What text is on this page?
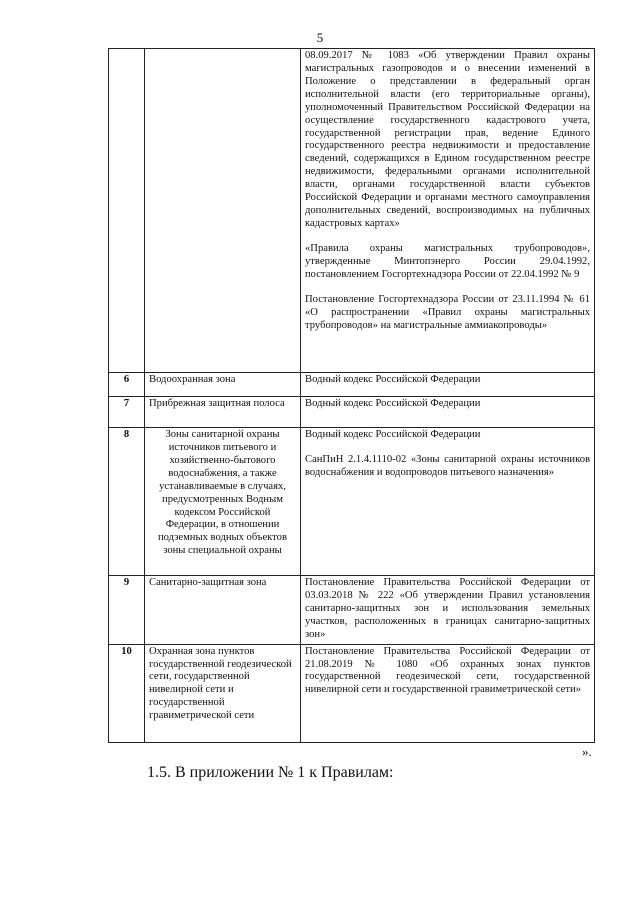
5

		08.09.2017 № 1083 «Об утверждении Правил охраны магистральных газопроводов и о внесении изменений в Положение о представлении в федеральный орган исполнительной власти (его территориальные органы), уполномоченный Правительством Российской Федерации на осуществление государственного кадастрового учета, государственной регистрации прав, ведение Единого государственного реестра недвижимости и предоставление сведений, содержащихся в Едином государственном реестре недвижимости, федеральными органами исполнительной власти, органами государственной власти субъектов Российской Федерации и органами местного самоуправления дополнительных сведений, воспроизводимых на публичных кадастровых картах»

«Правила охраны магистральных трубопроводов», утвержденные Минтопэнерго России 29.04.1992, постановлением Госгортехнадзора России от 22.04.1992 № 9

Постановление Госгортехнадзора России от 23.11.1994 № 61 «О распространении «Правил охраны магистральных трубопроводов» на магистральные аммиакопроводы»

6	Водоохранная зона	Водный кодекс Российской Федерации

7	Прибрежная защитная полоса	Водный кодекс Российской Федерации

8	Зоны санитарной охраны источников питьевого и хозяйственно-бытового водоснабжения, а также устанавливаемые в случаях, предусмотренных Водным кодексом Российской Федерации, в отношении подземных водных объектов зоны специальной охраны	Водный кодекс Российской Федерации

СанПиН 2.1.4.1110-02 «Зоны санитарной охраны источников водоснабжения и водопроводов питьевого назначения»

9	Санитарно-защитная зона	Постановление Правительства Российской Федерации от 03.03.2018 № 222 «Об утверждении Правил установления санитарно-защитных зон и использования земельных участков, расположенных в границах санитарно-защитных зон»

10	Охранная зона пунктов государственной геодезической сети, государственной нивелирной сети и государственной гравиметрической сети	Постановление Правительства Российской Федерации от 21.08.2019 № 1080 «Об охранных зонах пунктов государственной геодезической сети, государственной нивелирной сети и государственной гравиметрической сети»

».
1.5. В приложении № 1 к Правилам:
